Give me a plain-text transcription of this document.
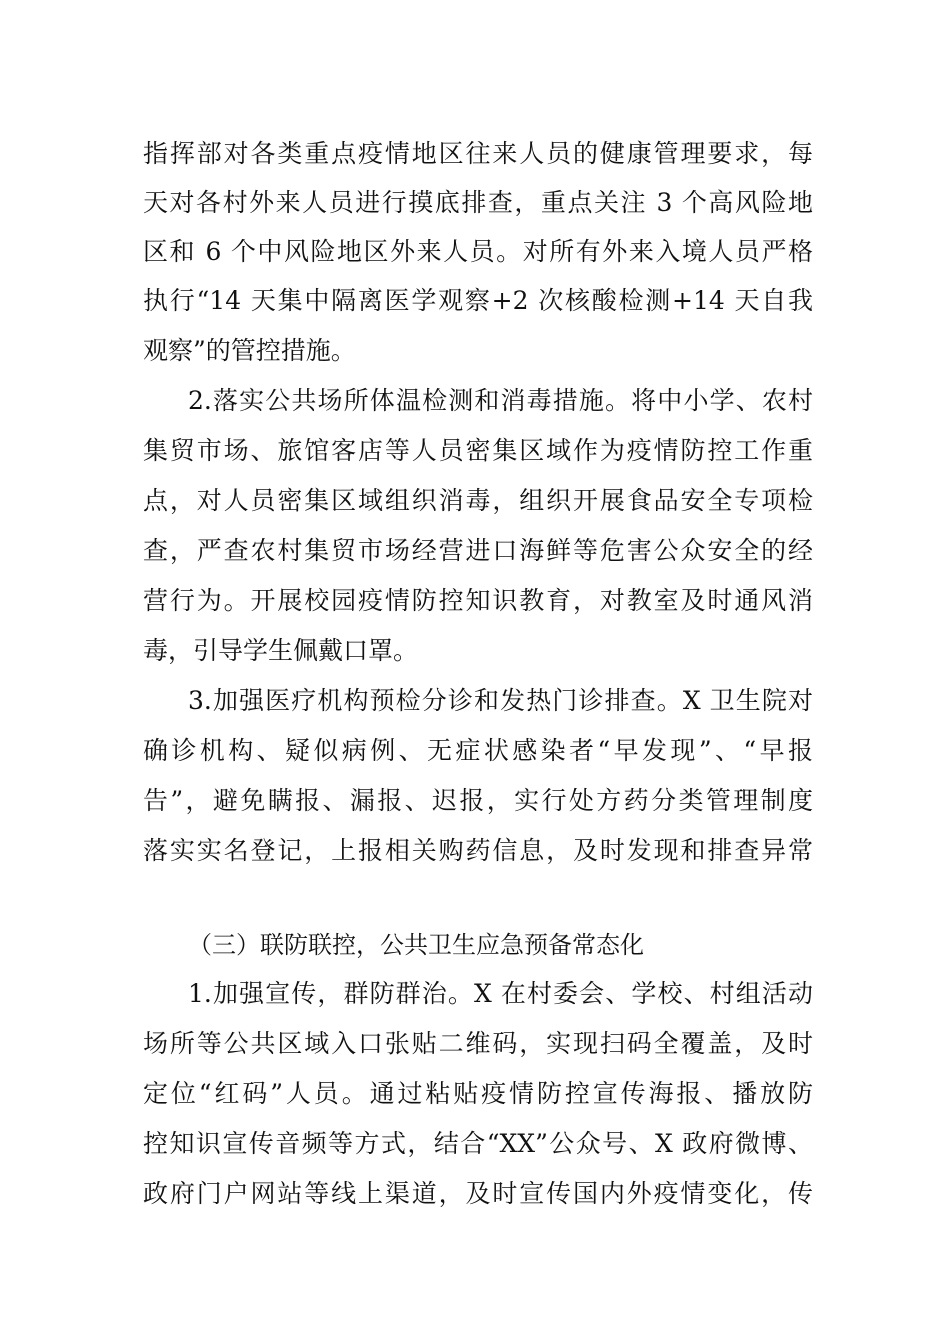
指挥部对各类重点疫情地区往来人员的健康管理要求，每
天对各村外来人员进行摸底排查，重点关注 3 个高风险地
区和 6 个中风险地区外来人员。对所有外来入境人员严格
执行“14 天集中隔离医学观察+2 次核酸检测+14 天自我
观察”的管控措施。
2.落实公共场所体温检测和消毒措施。将中小学、农村
集贸市场、旅馆客店等人员密集区域作为疫情防控工作重
点，对人员密集区域组织消毒，组织开展食品安全专项检
查，严查农村集贸市场经营进口海鲜等危害公众安全的经
营行为。开展校园疫情防控知识教育，对教室及时通风消
毒，引导学生佩戴口罩。
3.加强医疗机构预检分诊和发热门诊排查。X 卫生院对
确诊机构、疑似病例、无症状感染者“早发现”、“早报
告”，避免瞒报、漏报、迟报，实行处方药分类管理制度
落实实名登记，上报相关购药信息，及时发现和排查异常
（三）联防联控，公共卫生应急预备常态化
1.加强宣传，群防群治。X 在村委会、学校、村组活动
场所等公共区域入口张贴二维码，实现扫码全覆盖，及时
定位“红码”人员。通过粘贴疫情防控宣传海报、播放防
控知识宣传音频等方式，结合“XX”公众号、X 政府微博、
政府门户网站等线上渠道，及时宣传国内外疫情变化，传
